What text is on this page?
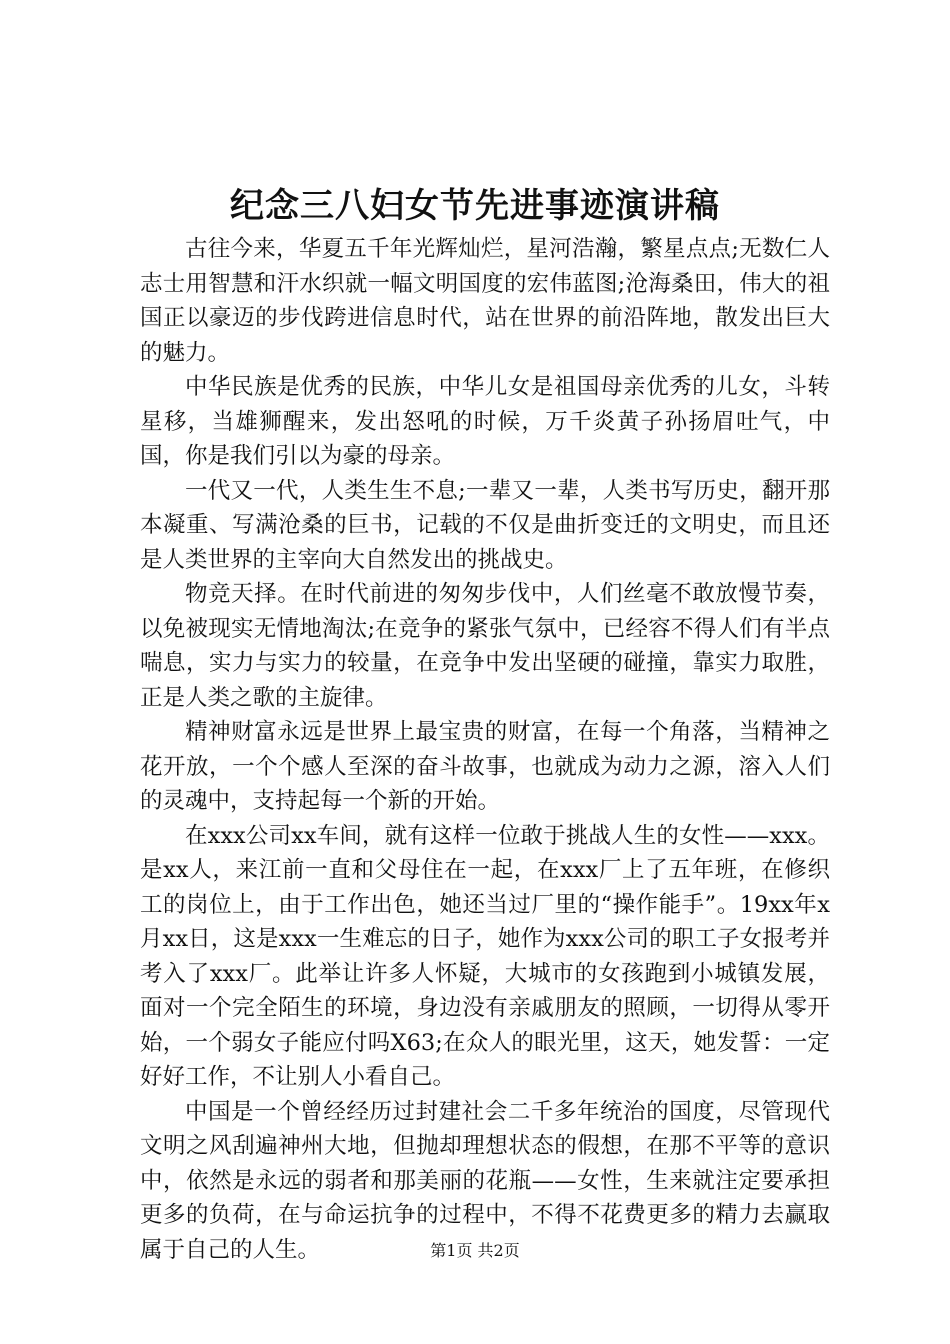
纪念三八妇女节先进事迹演讲稿

古往今来，华夏五千年光辉灿烂，星河浩瀚，繁星点点;无数仁人志士用智慧和汗水织就一幅文明国度的宏伟蓝图;沧海桑田，伟大的祖国正以豪迈的步伐跨进信息时代，站在世界的前沿阵地，散发出巨大的魅力。

中华民族是优秀的民族，中华儿女是祖国母亲优秀的儿女，斗转星移，当雄狮醒来，发出怒吼的时候，万千炎黄子孙扬眉吐气，中国，你是我们引以为豪的母亲。

一代又一代，人类生生不息;一辈又一辈，人类书写历史，翻开那本凝重、写满沧桑的巨书，记载的不仅是曲折变迁的文明史，而且还是人类世界的主宰向大自然发出的挑战史。

物竞天择。在时代前进的匆匆步伐中，人们丝毫不敢放慢节奏，以免被现实无情地淘汰;在竞争的紧张气氛中，已经容不得人们有半点喘息，实力与实力的较量，在竞争中发出坚硬的碰撞，靠实力取胜，正是人类之歌的主旋律。

精神财富永远是世界上最宝贵的财富，在每一个角落，当精神之花开放，一个个感人至深的奋斗故事，也就成为动力之源，溶入人们的灵魂中，支持起每一个新的开始。

在xxx公司xx车间，就有这样一位敢于挑战人生的女性——xxx。是xx人，来江前一直和父母住在一起，在xxx厂上了五年班，在修织工的岗位上，由于工作出色，她还当过厂里的“操作能手”。19xx年x月xx日，这是xxx一生难忘的日子，她作为xxx公司的职工子女报考并考入了xxx厂。此举让许多人怀疑，大城市的女孩跑到小城镇发展，面对一个完全陌生的环境，身边没有亲戚朋友的照顾，一切得从零开始，一个弱女子能应付吗X63;在众人的眼光里，这天，她发誓：一定好好工作，不让别人小看自己。

中国是一个曾经经历过封建社会二千多年统治的国度，尽管现代文明之风刮遍神州大地，但抛却理想状态的假想，在那不平等的意识中，依然是永远的弱者和那美丽的花瓶——女性，生来就注定要承担更多的负荷，在与命运抗争的过程中，不得不花费更多的精力去赢取属于自己的人生。	第1页 共2页
